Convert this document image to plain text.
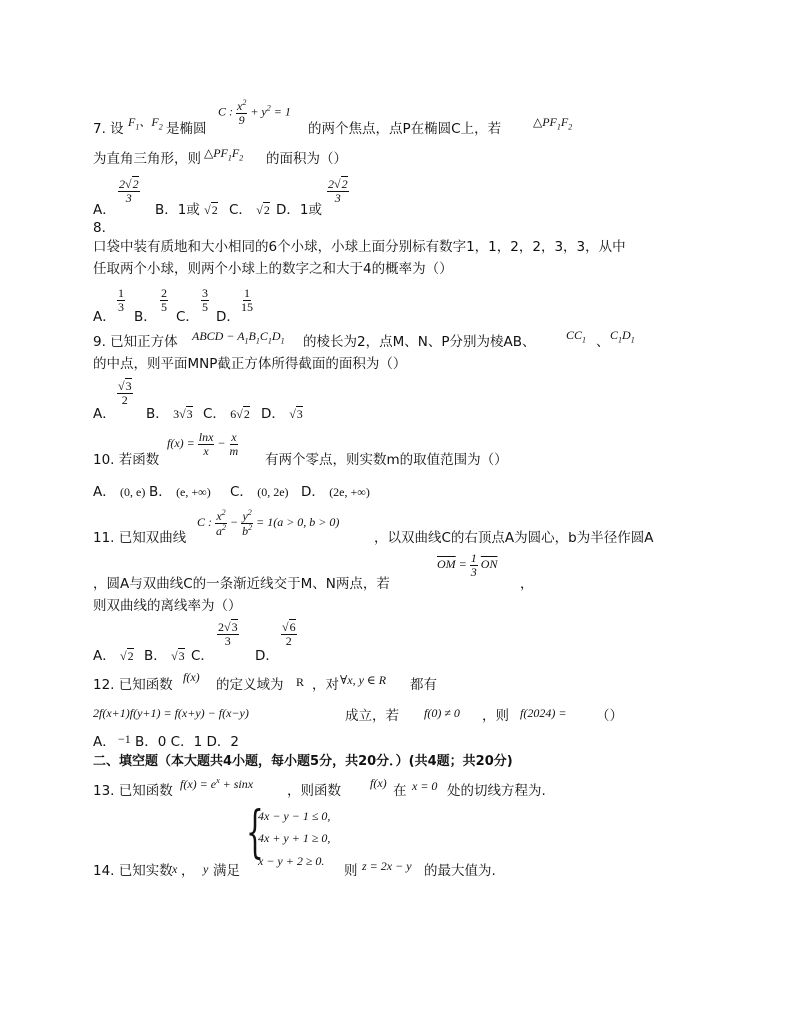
7. 设 $F_1$、$F_2$ 是椭圆
C : $\frac{x^2}{9} + y^2 = 1$
的两个焦点，点P在椭圆C上，若	$\triangle PF_1F_2$
为直角三角形，则 $\triangle PF_1F_2$ 的面积为（）
A．
$\frac{2√2}{3}$
B．1或 √2 C． √2 D．1或
$\frac{2√2}{3}$
8.
口袋中装有质地和大小相同的6个小球，小球上面分别标有数字1，1，2，2，3，3，从中
任取两个小球，则两个小球上的数字之和大于4的概率为（）
A．
$\frac{1}{3}$
B．
$\frac{2}{5}$
C．
$\frac{3}{5}$
D．
$\frac{1}{15}$
9. 已知正方体 ABCD − $A_1B_1C_1D_1$ 的棱长为2，点M、N、P分别为棱AB、	$CC_1$ 、 $C_1D_1$
的中点，则平面MNP截正方体所得截面的面积为（）
A．
$\frac{√3}{2}$
B． 3√3 C． 6√2 D． √3
10. 若函数
$f(x) = \frac{\ln x}{x} - \frac{x}{m}$
有两个零点，则实数m的取值范围为（）
A． (0, e) B． (e, +∞) C． (0, 2e) D． (2e, +∞)
11. 已知双曲线
C : $\frac{x^2}{a^2} - \frac{y^2}{b^2} = 1(a > 0$, b > 0)
，以双曲线C的右顶点A为圆心，b为半径作圆A
，圆A与双曲线C的一条渐近线交于M、N两点，若
$\overline{OM} = \frac{1}{3} \overline{ON}$
，
则双曲线的离线率为（）
A． √2 B． √3 C．
$\frac{2√3}{3}$
D．
$\frac{√6}{2}$
12. 已知函数 f(x) 的定义域为 R ，对 ∀x, y ∈ R 都有
2f(x+1)f(y+1) = f(x+y) − f(x−y)	成立，若 f(0) ≠ 0 ，则 f(2024) = （）
A． −1 B．0 C．1 D．2
二、填空题（本大题共4小题，每小题5分，共20分．）(共4题；共20分)
13. 已知函数 $f(x) = e^x + \sin x$	，则函数 f(x) 在 x = 0 处的切线方程为.
14. 已知实数 x ， y 满足
{
4x − y − 1 ≤ 0,
4x + y + 1 ≥ 0,
x − y + 2 ≥ 0.
则 z = 2x − y 的最大值为.
